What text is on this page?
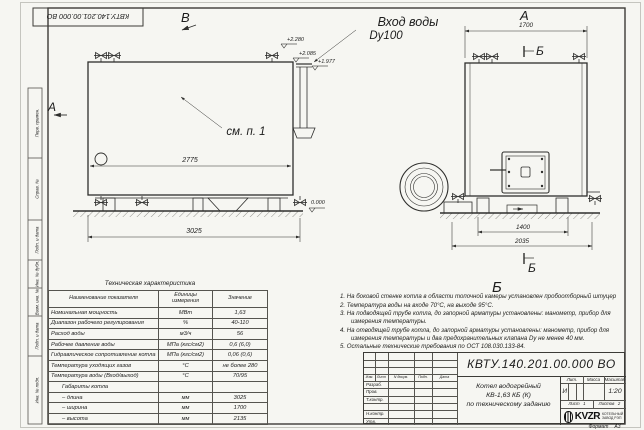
Перв. примен.
Справ. №
Подп. и дата
Инв. № дубл.
Взам. инв. №
Подп. и дата
Инв. № подл.
КВТУ.140.201.00.000 ВО	В
А
+2.280
+2.085
+1.977
0.000
Вход воды
Dy100
см. п. 1
2775
3025
А
1700
Б
1400
2035
Б
Б
Техническая характеристика
Наименование показателя	Единицы измерения	Значение
Номинальная мощность	МВт	1,63
Диапазон рабочего регулирования	%	40-110
Расход воды	м3/ч	56
Рабочее давление воды	МПа (кгс/см2)	0,6 (6,0)
Гидравлическое сопротивление котла	МПа (кгс/см2)	0,06 (0,6)
Температура уходящих газов	°С	не более 280
Температура воды (Вход/выход)	°С	70/95
Габариты котла		
– длина	мм	3025
– ширина	мм	1700
– высота	мм	2135
1. На боковой стенке котла в области топочной камеры установлен пробоотборный штуцер
2. Температура воды на входе 70°С, на выходе 95°С.
3. На подводящей трубе котла, до запорной арматуры установлены: манометр, прибор для измерения температуры.
4. На отводящей трубе котла, до запорной арматуры установлены: манометр, прибор для измерения температуры и два предохранительных клапана Dу не менее 40 мм.
5. Остальные технические требования по ОСТ 108.030.133-84.
Изм. Лист	N докум.	Подп.	Дата
Разраб.
Пров.
Т.контр.
Н.контр.
Утв.
КВТУ.140.201.00.000 ВО
Котел водогрейный
КВ-1,63 КБ (К)
по техническому заданию
Лит.	Масса Масштаб
И	1:20
Лист 1	Листов 2
KVZR КОТЕЛЬНЫЙ
ЗАВОД РЭП
Формат А3
